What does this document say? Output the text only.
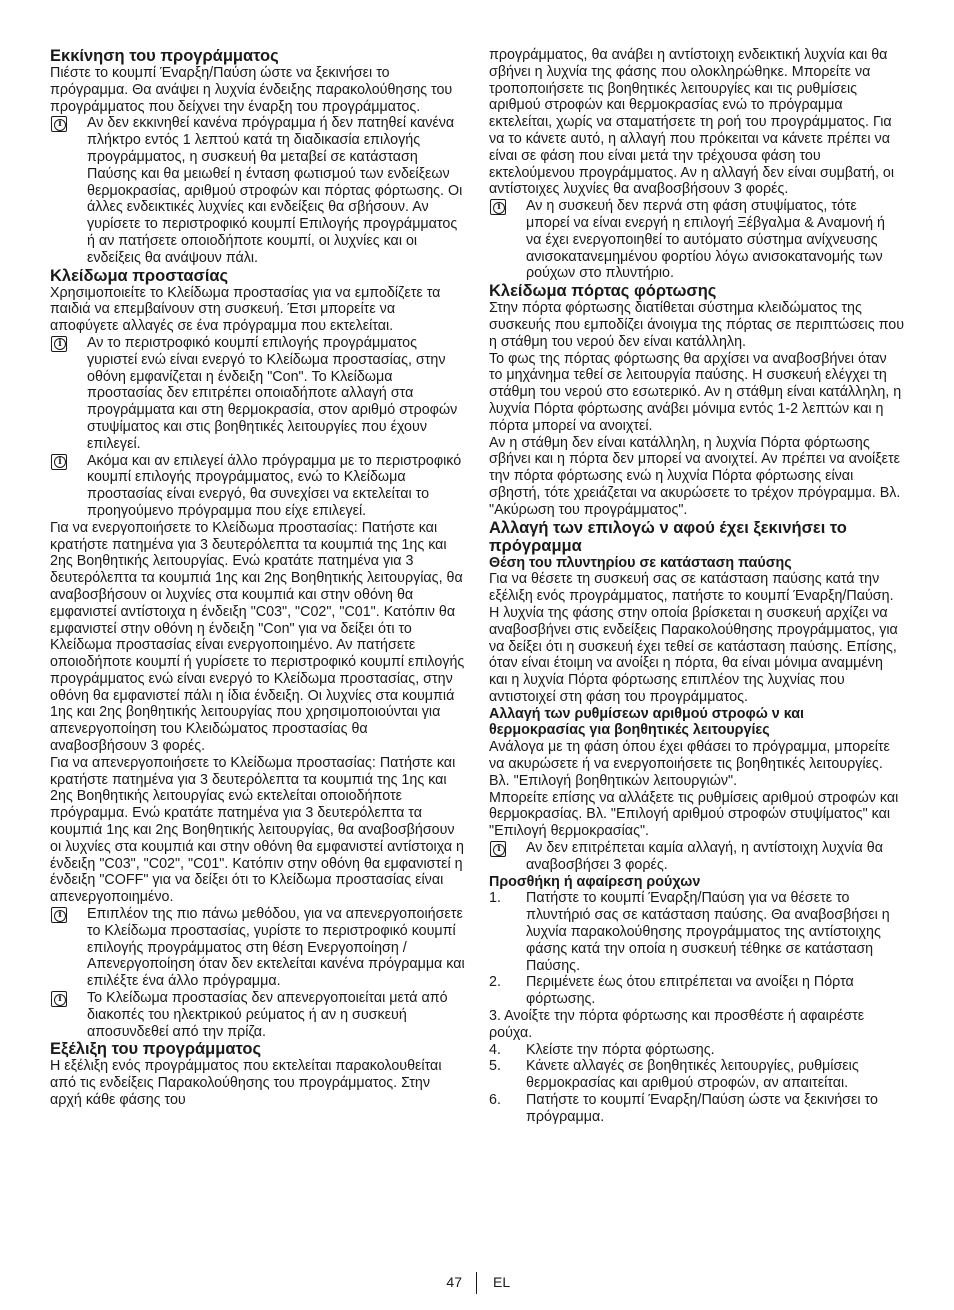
Εκκίνηση του προγράμματος

Πιέστε το κουμπί Έναρξη/Παύση ώστε να ξεκινήσει το πρόγραμμα. Θα ανάψει η λυχνία ένδειξης παρακολούθησης του προγράμματος που δείχνει την έναρξη του προγράμματος.

i

Αν δεν εκκινηθεί κανένα πρόγραμμα ή δεν πατηθεί κανένα πλήκτρο εντός 1 λεπτού κατά τη διαδικασία επιλογής προγράμματος, η συσκευή θα μεταβεί σε κατάσταση Παύσης και θα μειωθεί η ένταση φωτισμού των ενδείξεων θερμοκρασίας, αριθμού στροφών και πόρτας φόρτωσης. Οι άλλες ενδεικτικές λυχνίες και ενδείξεις θα σβήσουν. Αν γυρίσετε το περιστροφικό κουμπί Επιλογής προγράμματος ή αν πατήσετε οποιοδήποτε κουμπί, οι λυχνίες και οι ενδείξεις θα ανάψουν πάλι.

Κλείδωμα προστασίας

Χρησιμοποιείτε το Κλείδωμα προστασίας για να εμποδίζετε τα παιδιά να επεμβαίνουν στη συσκευή. Έτσι μπορείτε να αποφύγετε αλλαγές σε ένα πρόγραμμα που εκτελείται.

i

Αν το περιστροφικό κουμπί επιλογής προγράμματος γυριστεί ενώ είναι ενεργό το Κλείδωμα προστασίας, στην οθόνη εμφανίζεται η ένδειξη "Con". Το Κλείδωμα προστασίας δεν επιτρέπει οποιαδήποτε αλλαγή στα προγράμματα και στη θερμοκρασία, στον αριθμό στροφών στυψίματος και στις βοηθητικές λειτουργίες που έχουν επιλεγεί.

i

Ακόμα και αν επιλεγεί άλλο πρόγραμμα με το περιστροφικό κουμπί επιλογής προγράμματος, ενώ το Κλείδωμα προστασίας είναι ενεργό, θα συνεχίσει να εκτελείται το προηγούμενο πρόγραμμα που είχε επιλεγεί.

Για να ενεργοποιήσετε το Κλείδωμα προστασίας: Πατήστε και κρατήστε πατημένα για 3 δευτερόλεπτα τα κουμπιά της 1ης και 2ης Βοηθητικής λειτουργίας. Ενώ κρατάτε πατημένα για 3 δευτερόλεπτα τα κουμπιά 1ης και 2ης Βοηθητικής λειτουργίας, θα αναβοσβήσουν οι λυχνίες στα κουμπιά και στην οθόνη θα εμφανιστεί αντίστοιχα η ένδειξη "C03", "C02", "C01". Κατόπιν θα εμφανιστεί στην οθόνη η ένδειξη "Con" για να δείξει ότι το Κλείδωμα προστασίας είναι ενεργοποιημένο. Αν πατήσετε οποιοδήποτε κουμπί ή γυρίσετε το περιστροφικό κουμπί επιλογής προγράμματος ενώ είναι ενεργό το Κλείδωμα προστασίας, στην οθόνη θα εμφανιστεί πάλι η ίδια ένδειξη. Οι λυχνίες στα κουμπιά 1ης και 2ης βοηθητικής λειτουργίας που χρησιμοποιούνται για απενεργοποίηση του Κλειδώματος προστασίας θα αναβοσβήσουν 3 φορές.

Για να απενεργοποιήσετε το Κλείδωμα προστασίας: Πατήστε και κρατήστε πατημένα για 3 δευτερόλεπτα τα κουμπιά της 1ης και 2ης Βοηθητικής λειτουργίας ενώ εκτελείται οποιοδήποτε πρόγραμμα. Ενώ κρατάτε πατημένα για 3 δευτερόλεπτα τα κουμπιά 1ης και 2ης Βοηθητικής λειτουργίας, θα αναβοσβήσουν οι λυχνίες στα κουμπιά και στην οθόνη θα εμφανιστεί αντίστοιχα η ένδειξη "C03", "C02", "C01". Κατόπιν στην οθόνη θα εμφανιστεί η ένδειξη "COFF" για να δείξει ότι το Κλείδωμα προστασίας είναι απενεργοποιημένο.

i

Επιπλέον της πιο πάνω μεθόδου, για να απενεργοποιήσετε το Κλείδωμα προστασίας, γυρίστε το περιστροφικό κουμπί επιλογής προγράμματος στη θέση Ενεργοποίηση / Απενεργοποίηση όταν δεν εκτελείται κανένα πρόγραμμα και επιλέξτε ένα άλλο πρόγραμμα.

i

Το Κλείδωμα προστασίας δεν απενεργοποιείται μετά από διακοπές του ηλεκτρικού ρεύματος ή αν η συσκευή αποσυνδεθεί από την πρίζα.

Εξέλιξη του προγράμματος

Η εξέλιξη ενός προγράμματος που εκτελείται παρακολουθείται από τις ενδείξεις Παρακολούθησης του προγράμματος. Στην αρχή κάθε φάσης του

προγράμματος, θα ανάβει η αντίστοιχη ενδεικτική λυχνία και θα σβήνει η λυχνία της φάσης που ολοκληρώθηκε. Μπορείτε να τροποποιήσετε τις βοηθητικές λειτουργίες και τις ρυθμίσεις αριθμού στροφών και θερμοκρασίας ενώ το πρόγραμμα εκτελείται, χωρίς να σταματήσετε τη ροή του προγράμματος. Για να το κάνετε αυτό, η αλλαγή που πρόκειται να κάνετε πρέπει να είναι σε φάση που είναι μετά την τρέχουσα φάση του εκτελούμενου προγράμματος. Αν η αλλαγή δεν είναι συμβατή, οι αντίστοιχες λυχνίες θα αναβοσβήσουν 3 φορές.

i

Αν η συσκευή δεν περνά στη φάση στυψίματος, τότε μπορεί να είναι ενεργή η επιλογή Ξέβγαλμα & Αναμονή ή να έχει ενεργοποιηθεί το αυτόματο σύστημα ανίχνευσης ανισοκατανεμημένου φορτίου λόγω ανισοκατανομής των ρούχων στο πλυντήριο.

Κλείδωμα πόρτας φόρτωσης

Στην πόρτα φόρτωσης διατίθεται σύστημα κλειδώματος της συσκευής που εμποδίζει άνοιγμα της πόρτας σε περιπτώσεις που η στάθμη του νερού δεν είναι κατάλληλη.

Το φως της πόρτας φόρτωσης θα αρχίσει να αναβοσβήνει όταν το μηχάνημα τεθεί σε λειτουργία παύσης. Η συσκευή ελέγχει τη στάθμη του νερού στο εσωτερικό. Αν η στάθμη είναι κατάλληλη, η λυχνία Πόρτα φόρτωσης ανάβει μόνιμα εντός 1-2 λεπτών και η πόρτα μπορεί να ανοιχτεί.

Αν η στάθμη δεν είναι κατάλληλη, η λυχνία Πόρτα φόρτωσης σβήνει και η πόρτα δεν μπορεί να ανοιχτεί. Αν πρέπει να ανοίξετε την πόρτα φόρτωσης ενώ η λυχνία Πόρτα φόρτωσης είναι σβηστή, τότε χρειάζεται να ακυρώσετε το τρέχον πρόγραμμα. Βλ. "Ακύρωση του προγράμματος".

Αλλαγή των επιλογώ ν αφού έχει ξεκινήσει το πρόγραμμα
Θέση του πλυντηρίου σε κατάσταση παύσης

Για να θέσετε τη συσκευή σας σε κατάσταση παύσης κατά την εξέλιξη ενός προγράμματος, πατήστε το κουμπί Έναρξη/Παύση. Η λυχνία της φάσης στην οποία βρίσκεται η συσκευή αρχίζει να αναβοσβήνει στις ενδείξεις Παρακολούθησης προγράμματος, για να δείξει ότι η συσκευή έχει τεθεί σε κατάσταση παύσης. Επίσης, όταν είναι έτοιμη να ανοίξει η πόρτα, θα είναι μόνιμα αναμμένη και η λυχνία Πόρτα φόρτωσης επιπλέον της λυχνίας που αντιστοιχεί στη φάση του προγράμματος.

Αλλαγή των ρυθμίσεων αριθμού στροφώ ν και θερμοκρασίας για βοηθητικές λειτουργίες

Ανάλογα με τη φάση όπου έχει φθάσει το πρόγραμμα, μπορείτε να ακυρώσετε ή να ενεργοποιήσετε τις βοηθητικές λειτουργίες. Βλ. "Επιλογή βοηθητικών λειτουργιών".

Μπορείτε επίσης να αλλάξετε τις ρυθμίσεις αριθμού στροφών και θερμοκρασίας. Βλ. "Επιλογή αριθμού στροφών στυψίματος" και "Επιλογή θερμοκρασίας".

i

Αν δεν επιτρέπεται καμία αλλαγή, η αντίστοιχη λυχνία θα αναβοσβήσει 3 φορές.

Προσθήκη ή αφαίρεση ρούχων
1. Πατήστε το κουμπί Έναρξη/Παύση για να θέσετε το πλυντήριό σας σε κατάσταση παύσης. Θα αναβοσβήσει η λυχνία παρακολούθησης προγράμματος της αντίστοιχης φάσης κατά την οποία η συσκευή τέθηκε σε κατάσταση Παύσης.
2. Περιμένετε έως ότου επιτρέπεται να ανοίξει η Πόρτα φόρτωσης.
3. Ανοίξτε την πόρτα φόρτωσης και προσθέστε ή αφαιρέστε ρούχα.
4. Κλείστε την πόρτα φόρτωσης.
5. Κάνετε αλλαγές σε βοηθητικές λειτουργίες, ρυθμίσεις θερμοκρασίας και αριθμού στροφών, αν απαιτείται.
6. Πατήστε το κουμπί Έναρξη/Παύση ώστε να ξεκινήσει το πρόγραμμα.
47 EL
